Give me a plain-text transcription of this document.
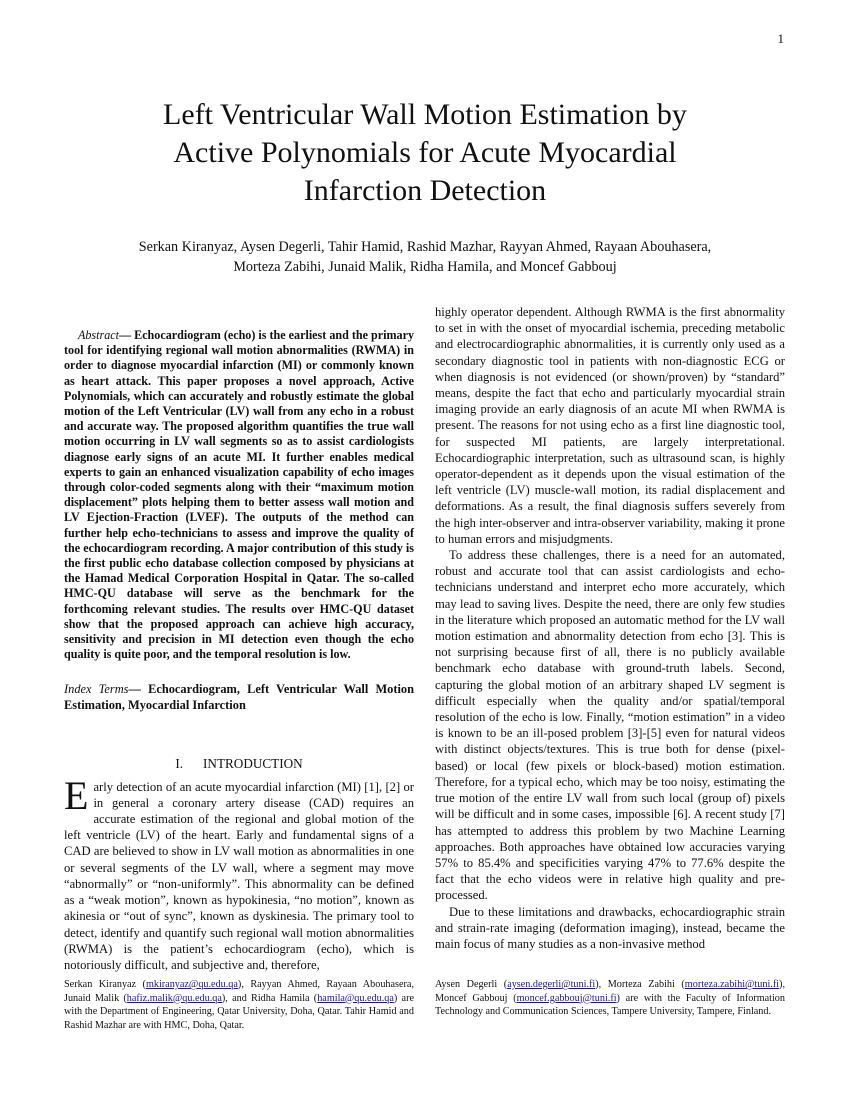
1
Left Ventricular Wall Motion Estimation by
Active Polynomials for Acute Myocardial
Infarction Detection
Serkan Kiranyaz, Aysen Degerli, Tahir Hamid, Rashid Mazhar, Rayyan Ahmed, Rayaan Abouhasera,
Morteza Zabihi, Junaid Malik, Ridha Hamila, and Moncef Gabbouj

Abstract— Echocardiogram (echo) is the earliest and the primary tool for identifying regional wall motion abnormalities (RWMA) in order to diagnose myocardial infarction (MI) or commonly known as heart attack. This paper proposes a novel approach, Active Polynomials, which can accurately and robustly estimate the global motion of the Left Ventricular (LV) wall from any echo in a robust and accurate way. The proposed algorithm quantifies the true wall motion occurring in LV wall segments so as to assist cardiologists diagnose early signs of an acute MI. It further enables medical experts to gain an enhanced visualization capability of echo images through color-coded segments along with their “maximum motion displacement” plots helping them to better assess wall motion and LV Ejection-Fraction (LVEF). The outputs of the method can further help echo-technicians to assess and improve the quality of the echocardiogram recording. A major contribution of this study is the first public echo database collection composed by physicians at the Hamad Medical Corporation Hospital in Qatar. The so-called HMC-QU database will serve as the benchmark for the forthcoming relevant studies. The results over HMC-QU dataset show that the proposed approach can achieve high accuracy, sensitivity and precision in MI detection even though the echo quality is quite poor, and the temporal resolution is low.

Index Terms— Echocardiogram, Left Ventricular Wall Motion Estimation, Myocardial Infarction

I. INTRODUCTION

Early detection of an acute myocardial infarction (MI) [1], [2] or in general a coronary artery disease (CAD) requires an accurate estimation of the regional and global motion of the left ventricle (LV) of the heart. Early and fundamental signs of a CAD are believed to show in LV wall motion as abnormalities in one or several segments of the LV wall, where a segment may move “abnormally” or “non-uniformly”. This abnormality can be defined as a “weak motion”, known as hypokinesia, “no motion”, known as akinesia or “out of sync”, known as dyskinesia. The primary tool to detect, identify and quantify such regional wall motion abnormalities (RWMA) is the patient’s echocardiogram (echo), which is notoriously difficult, and subjective and, therefore,

highly operator dependent. Although RWMA is the first abnormality to set in with the onset of myocardial ischemia, preceding metabolic and electrocardiographic abnormalities, it is currently only used as a secondary diagnostic tool in patients with non-diagnostic ECG or when diagnosis is not evidenced (or shown/proven) by “standard” means, despite the fact that echo and particularly myocardial strain imaging provide an early diagnosis of an acute MI when RWMA is present. The reasons for not using echo as a first line diagnostic tool, for suspected MI patients, are largely interpretational. Echocardiographic interpretation, such as ultrasound scan, is highly operator-dependent as it depends upon the visual estimation of the left ventricle (LV) muscle-wall motion, its radial displacement and deformations. As a result, the final diagnosis suffers severely from the high inter-observer and intra-observer variability, making it prone to human errors and misjudgments.

To address these challenges, there is a need for an automated, robust and accurate tool that can assist cardiologists and echo-technicians understand and interpret echo more accurately, which may lead to saving lives. Despite the need, there are only few studies in the literature which proposed an automatic method for the LV wall motion estimation and abnormality detection from echo [3]. This is not surprising because first of all, there is no publicly available benchmark echo database with ground-truth labels. Second, capturing the global motion of an arbitrary shaped LV segment is difficult especially when the quality and/or spatial/temporal resolution of the echo is low. Finally, “motion estimation” in a video is known to be an ill-posed problem [3]-[5] even for natural videos with distinct objects/textures. This is true both for dense (pixel-based) or local (few pixels or block-based) motion estimation. Therefore, for a typical echo, which may be too noisy, estimating the true motion of the entire LV wall from such local (group of) pixels will be difficult and in some cases, impossible [6]. A recent study [7] has attempted to address this problem by two Machine Learning approaches. Both approaches have obtained low accuracies varying 57% to 85.4% and specificities varying 47% to 77.6% despite the fact that the echo videos were in relative high quality and pre-processed.

Due to these limitations and drawbacks, echocardiographic strain and strain-rate imaging (deformation imaging), instead, became the main focus of many studies as a non-invasive method

Serkan Kiranyaz (mkiranyaz@qu.edu.qa), Rayyan Ahmed, Rayaan Abouhasera, Junaid Malik (hafiz.malik@qu.edu.qa), and Ridha Hamila (hamila@qu.edu.qa) are with the Department of Engineering, Qatar University, Doha, Qatar. Tahir Hamid and Rashid Mazhar are with HMC, Doha, Qatar.
Aysen Degerli (aysen.degerli@tuni.fi), Morteza Zabihi (morteza.zabihi@tuni.fi), Moncef Gabbouj (moncef.gabbouj@tuni.fi) are with the Faculty of Information Technology and Communication Sciences, Tampere University, Tampere, Finland.
